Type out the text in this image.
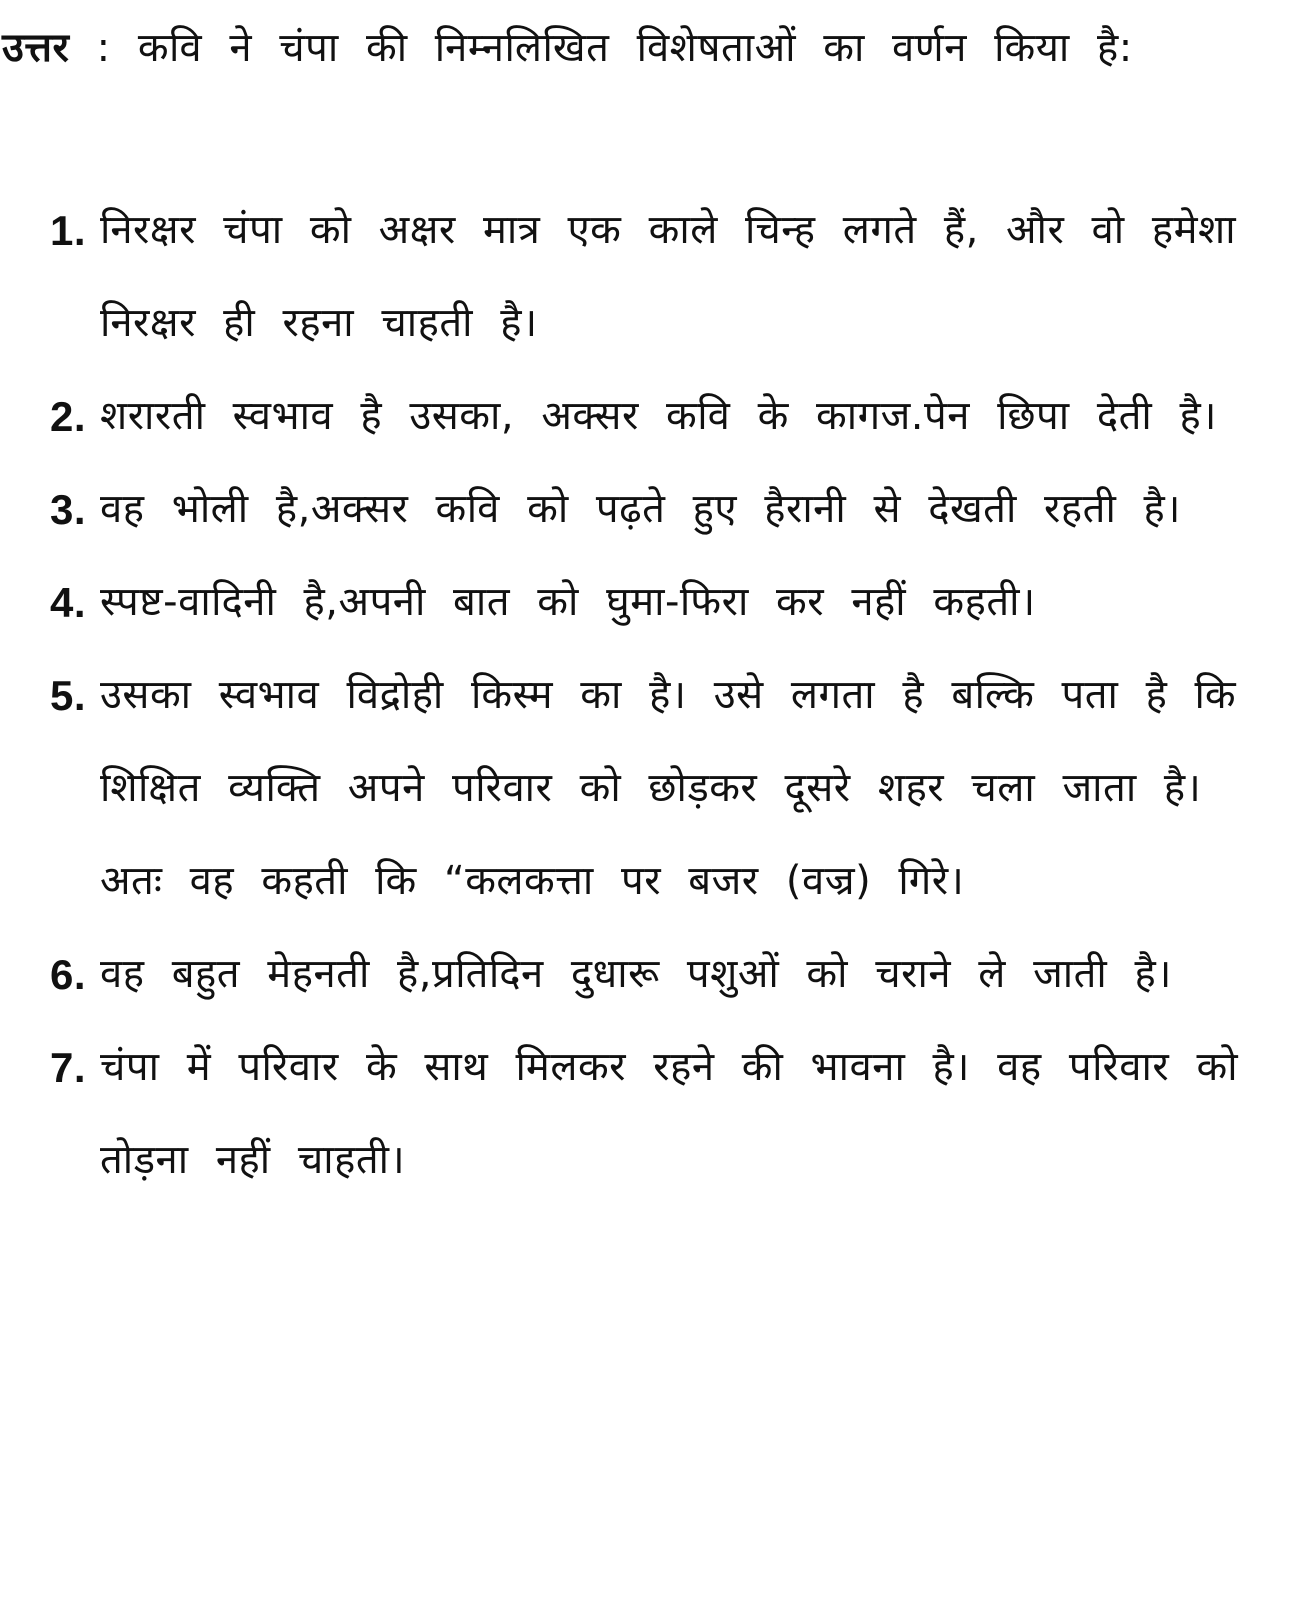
उत्तर : कवि ने चंपा की निम्नलिखित विशेषताओं का वर्णन किया है:

1. निरक्षर चंपा को अक्षर मात्र एक काले चिन्ह लगते हैं, और वो हमेशा निरक्षर ही रहना चाहती है।
2. शरारती स्वभाव है उसका, अक्सर कवि के कागज.पेन छिपा देती है।
3. वह भोली है,अक्सर कवि को पढ़ते हुए हैरानी से देखती रहती है।
4. स्पष्ट-वादिनी है,अपनी बात को घुमा-फिरा कर नहीं कहती।
5. उसका स्वभाव विद्रोही किस्म का है। उसे लगता है बल्कि पता है कि शिक्षित व्यक्ति अपने परिवार को छोड़कर दूसरे शहर चला जाता है। अतः वह कहती कि “कलकत्ता पर बजर (वज्र) गिरे।
6. वह बहुत मेहनती है,प्रतिदिन दुधारू पशुओं को चराने ले जाती है।
7. चंपा में परिवार के साथ मिलकर रहने की भावना है। वह परिवार को तोड़ना नहीं चाहती।
